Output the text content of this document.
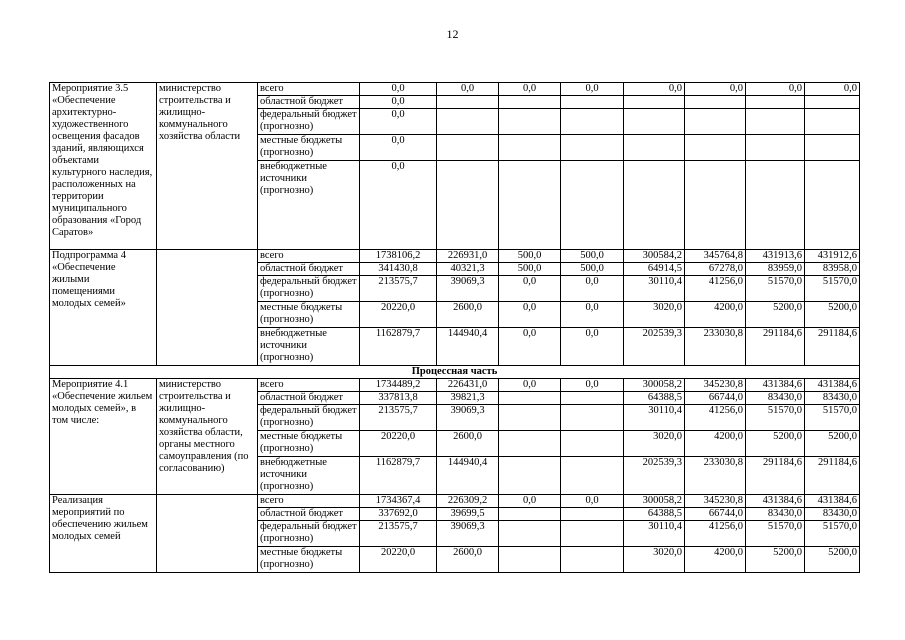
12
Мероприятие 3.5 «Обеспечение архитектурно-художественного освещения фасадов зданий, являющихся объектами культурного наследия, расположенных на территории муниципального образования «Город Саратов»	министерство строительства и жилищно-коммунального хозяйства области	всего	0,0	0,0	0,0	0,0	0,0	0,0	0,0	0,0
		областной бюджет	0,0							
		федеральный бюджет (прогнозно)	0,0							
		местные бюджеты (прогнозно)	0,0							
		внебюджетные источники (прогнозно)	0,0							
Подпрограмма 4 «Обеспечение жилыми помещениями молодых семей»		всего	1738106,2	226931,0	500,0	500,0	300584,2	345764,8	431913,6	431912,6
		областной бюджет	341430,8	40321,3	500,0	500,0	64914,5	67278,0	83959,0	83958,0
		федеральный бюджет (прогнозно)	213575,7	39069,3	0,0	0,0	30110,4	41256,0	51570,0	51570,0
		местные бюджеты (прогнозно)	20220,0	2600,0	0,0	0,0	3020,0	4200,0	5200,0	5200,0
		внебюджетные источники (прогнозно)	1162879,7	144940,4	0,0	0,0	202539,3	233030,8	291184,6	291184,6
Процессная часть										
Мероприятие 4.1 «Обеспечение жильем молодых семей», в том числе:	министерство строительства и жилищно-коммунального хозяйства области, органы местного самоуправления (по согласованию)	всего	1734489,2	226431,0	0,0	0,0	300058,2	345230,8	431384,6	431384,6
		областной бюджет	337813,8	39821,3			64388,5	66744,0	83430,0	83430,0
		федеральный бюджет (прогнозно)	213575,7	39069,3			30110,4	41256,0	51570,0	51570,0
		местные бюджеты (прогнозно)	20220,0	2600,0			3020,0	4200,0	5200,0	5200,0
		внебюджетные источники (прогнозно)	1162879,7	144940,4			202539,3	233030,8	291184,6	291184,6
Реализация мероприятий по обеспечению жильем молодых семей		всего	1734367,4	226309,2	0,0	0,0	300058,2	345230,8	431384,6	431384,6
		областной бюджет	337692,0	39699,5			64388,5	66744,0	83430,0	83430,0
		федеральный бюджет (прогнозно)	213575,7	39069,3			30110,4	41256,0	51570,0	51570,0
		местные бюджеты (прогнозно)	20220,0	2600,0			3020,0	4200,0	5200,0	5200,0
